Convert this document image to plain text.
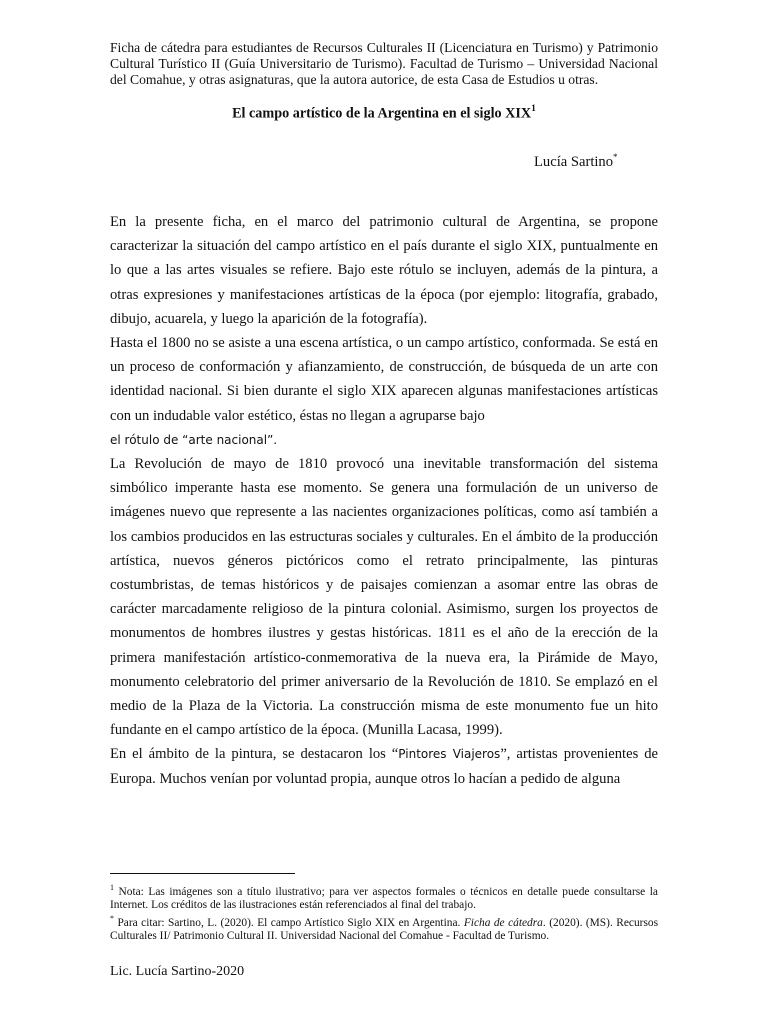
Ficha de cátedra para estudiantes de Recursos Culturales II (Licenciatura en Turismo) y Patrimonio Cultural Turístico II (Guía Universitario de Turismo). Facultad de Turismo – Universidad Nacional del Comahue, y otras asignaturas, que la autora autorice, de esta Casa de Estudios u otras.
El campo artístico de la Argentina en el siglo XIX$^1$
Lucía Sartino*

En la presente ficha, en el marco del patrimonio cultural de Argentina, se propone caracterizar la situación del campo artístico en el país durante el siglo XIX, puntualmente en lo que a las artes visuales se refiere. Bajo este rótulo se incluyen, además de la pintura, a otras expresiones y manifestaciones artísticas de la época (por ejemplo: litografía, grabado, dibujo, acuarela, y luego la aparición de la fotografía).

Hasta el 1800 no se asiste a una escena artística, o un campo artístico, conformada. Se está en un proceso de conformación y afianzamiento, de construcción, de búsqueda de un arte con identidad nacional. Si bien durante el siglo XIX aparecen algunas manifestaciones artísticas con un indudable valor estético, éstas no llegan a agruparse bajo
el rótulo de “arte nacional”.

La Revolución de mayo de 1810 provocó una inevitable transformación del sistema simbólico imperante hasta ese momento. Se genera una formulación de un universo de imágenes nuevo que represente a las nacientes organizaciones políticas, como así también a los cambios producidos en las estructuras sociales y culturales. En el ámbito de la producción artística, nuevos géneros pictóricos como el retrato principalmente, las pinturas costumbristas, de temas históricos y de paisajes comienzan a asomar entre las obras de carácter marcadamente religioso de la pintura colonial. Asimismo, surgen los proyectos de monumentos de hombres ilustres y gestas históricas. 1811 es el año de la erección de la primera manifestación artístico-conmemorativa de la nueva era, la Pirámide de Mayo, monumento celebratorio del primer aniversario de la Revolución de 1810. Se emplazó en el medio de la Plaza de la Victoria. La construcción misma de este monumento fue un hito fundante en el campo artístico de la época. (Munilla Lacasa, 1999).

En el ámbito de la pintura, se destacaron los “Pintores Viajeros”, artistas provenientes de Europa. Muchos venían por voluntad propia, aunque otros lo hacían a pedido de alguna

$^1$ Nota: Las imágenes son a título ilustrativo; para ver aspectos formales o técnicos en detalle puede consultarse la Internet. Los créditos de las ilustraciones están referenciados al final del trabajo.

* Para citar: Sartino, L. (2020). El campo Artístico Siglo XIX en Argentina. Ficha de cátedra. (2020). (MS). Recursos Culturales II/ Patrimonio Cultural II. Universidad Nacional del Comahue - Facultad de Turismo.

Lic. Lucía Sartino-2020
